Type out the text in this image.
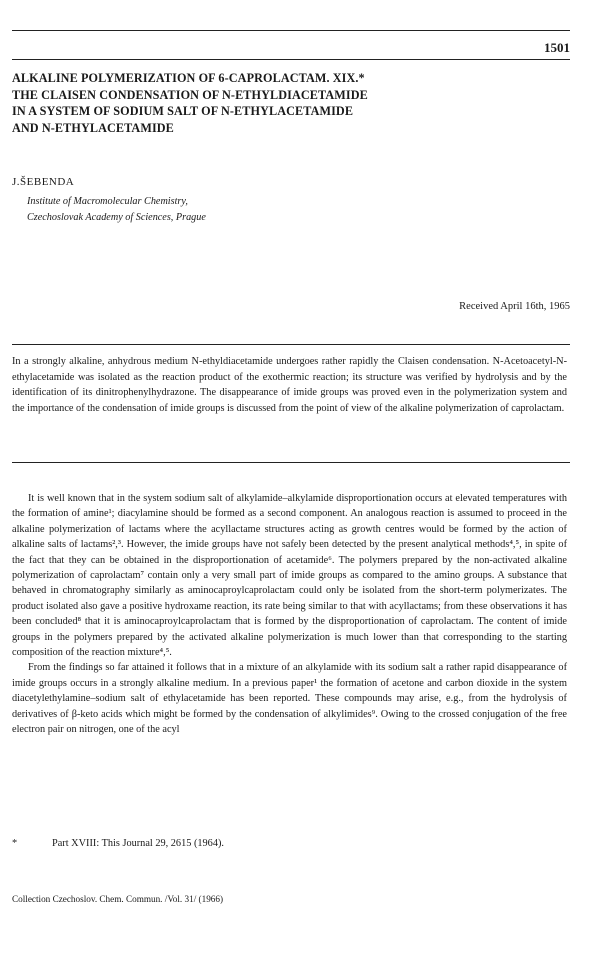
1501
ALKALINE POLYMERIZATION OF 6-CAPROLACTAM. XIX.*
THE CLAISEN CONDENSATION OF N-ETHYLDIACETAMIDE
IN A SYSTEM OF SODIUM SALT OF N-ETHYLACETAMIDE
AND N-ETHYLACETAMIDE
J.ŠEBENDA
Institute of Macromolecular Chemistry,
Czechoslovak Academy of Sciences, Prague
Received April 16th, 1965
In a strongly alkaline, anhydrous medium N-ethyldiacetamide undergoes rather rapidly the Claisen condensation. N-Acetoacetyl-N-ethylacetamide was isolated as the reaction product of the exothermic reaction; its structure was verified by hydrolysis and by the identification of its dinitrophenylhydrazone. The disappearance of imide groups was proved even in the polymerization system and the importance of the condensation of imide groups is discussed from the point of view of the alkaline polymerization of caprolactam.

It is well known that in the system sodium salt of alkylamide–alkylamide disproportionation occurs at elevated temperatures with the formation of amine¹; diacylamine should be formed as a second component. An analogous reaction is assumed to proceed in the alkaline polymerization of lactams where the acyllactame structures acting as growth centres would be formed by the action of alkaline salts of lactams²,³. However, the imide groups have not safely been detected by the present analytical methods⁴,⁵, in spite of the fact that they can be obtained in the disproportionation of acetamide⁶. The polymers prepared by the non-activated alkaline polymerization of caprolactam⁷ contain only a very small part of imide groups as compared to the amino groups. A substance that behaved in chromatography similarly as aminocaproylcaprolactam could only be isolated from the short-term polymerizates. The product isolated also gave a positive hydroxame reaction, its rate being similar to that with acyllactams; from these observations it has been concluded⁸ that it is aminocaproylcaprolactam that is formed by the disproportionation of caprolactam. The content of imide groups in the polymers prepared by the activated alkaline polymerization is much lower than that corresponding to the starting composition of the reaction mixture⁴,⁵.

From the findings so far attained it follows that in a mixture of an alkylamide with its sodium salt a rather rapid disappearance of imide groups occurs in a strongly alkaline medium. In a previous paper¹ the formation of acetone and carbon dioxide in the system diacetylethylamine–sodium salt of ethylacetamide has been reported. These compounds may arise, e.g., from the hydrolysis of derivatives of β-keto acids which might be formed by the condensation of alkylimides⁹. Owing to the crossed conjugation of the free electron pair on nitrogen, one of the acyl

*	Part XVIII: This Journal 29, 2615 (1964).
Collection Czechoslov. Chem. Commun. /Vol. 31/ (1966)
